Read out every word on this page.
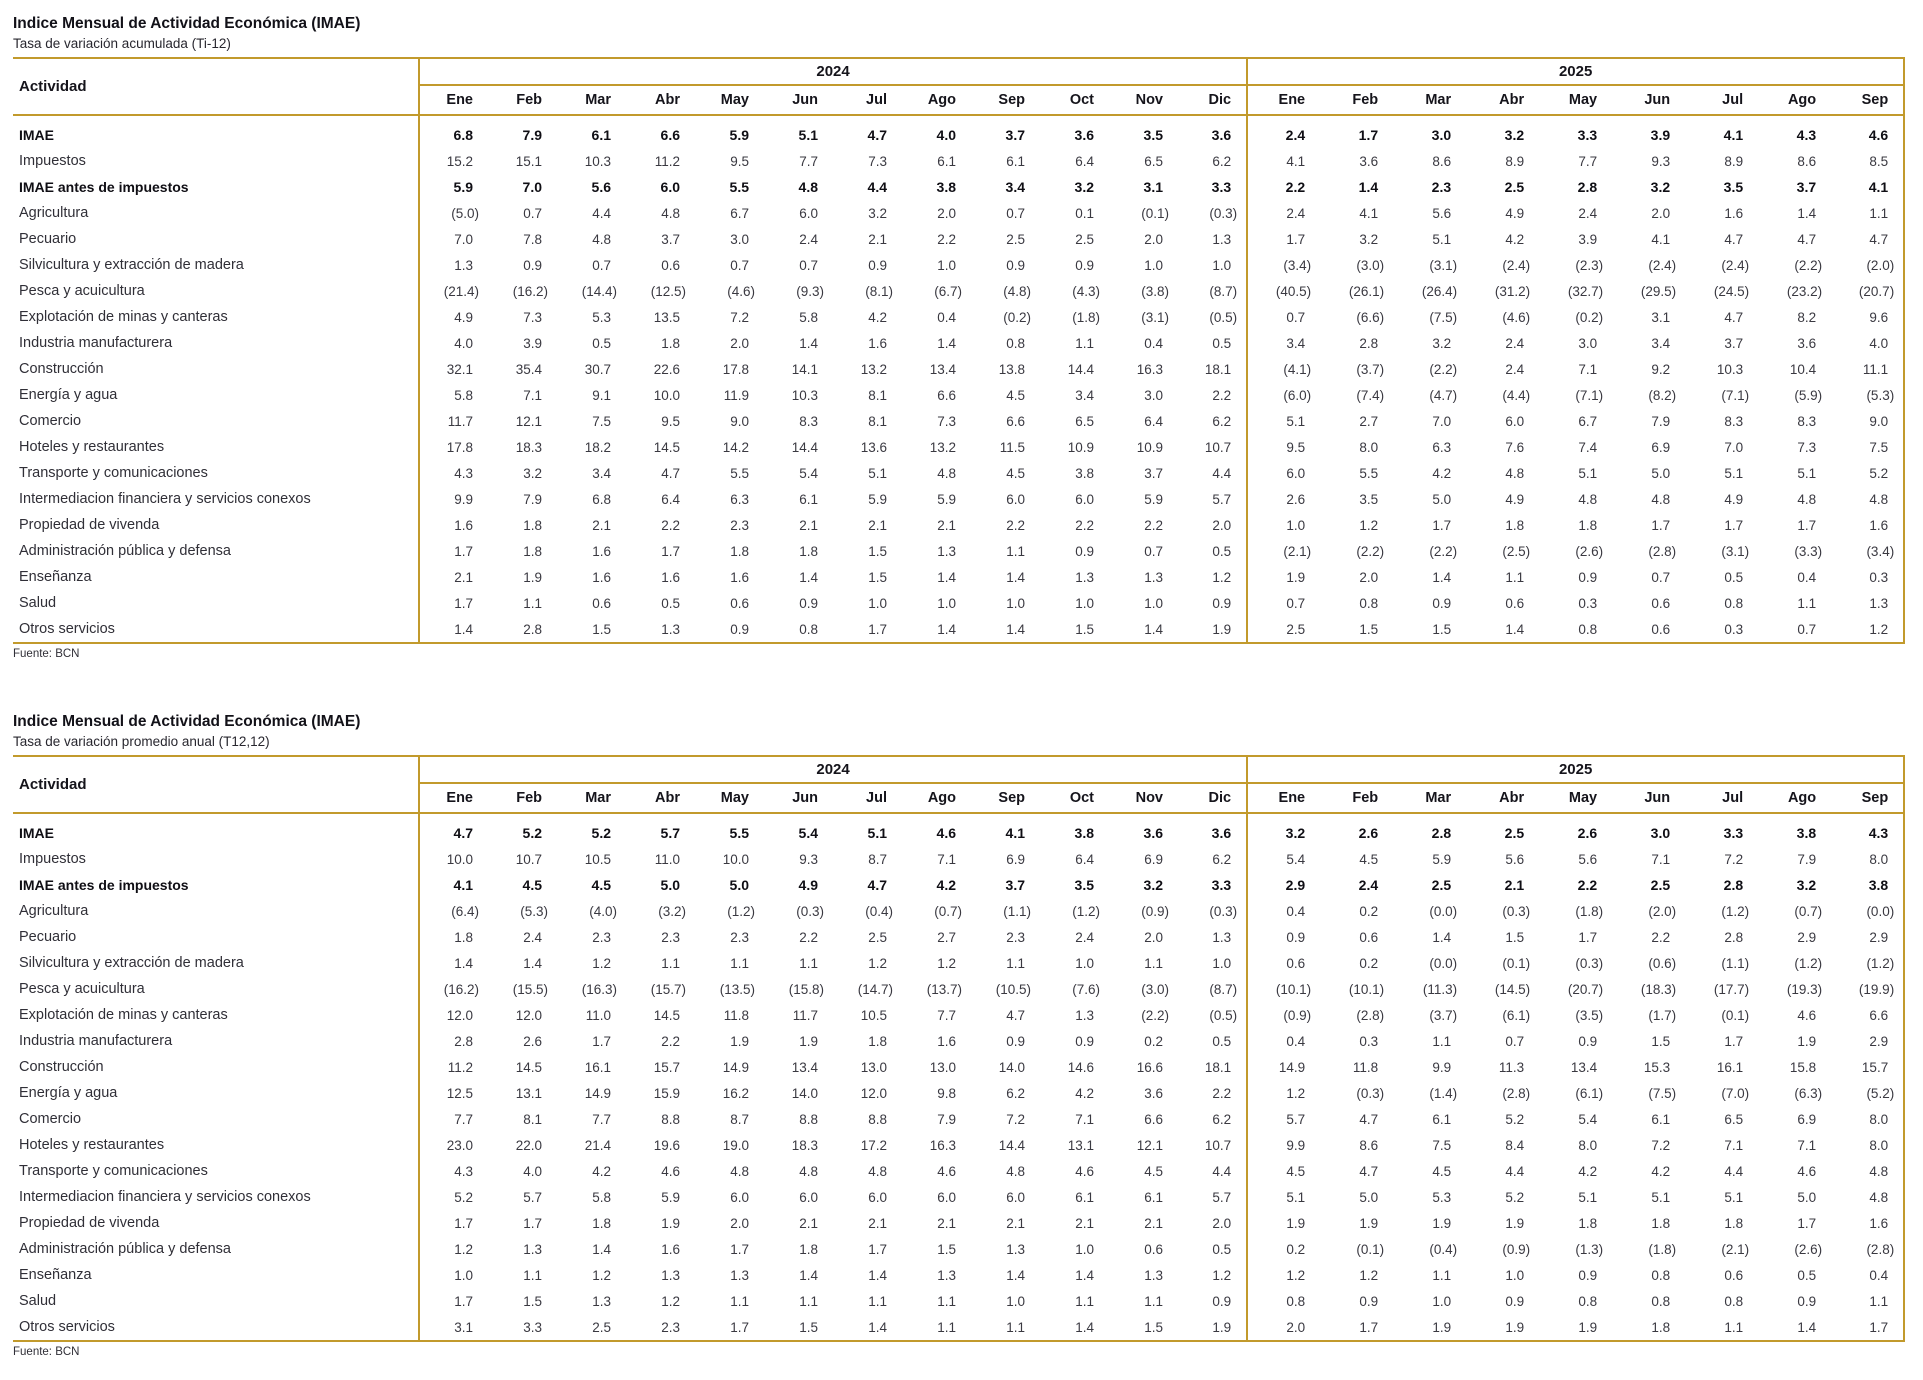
Indice Mensual de Actividad Económica (IMAE)
Tasa de variación acumulada (Ti-12)
Actividad	2024												2025								
	Ene	Feb	Mar	Abr	May	Jun	Jul	Ago	Sep	Oct	Nov	Dic	Ene	Feb	Mar	Abr	May	Jun	Jul	Ago	Sep
IMAE	6.8	7.9	6.1	6.6	5.9	5.1	4.7	4.0	3.7	3.6	3.5	3.6	2.4	1.7	3.0	3.2	3.3	3.9	4.1	4.3	4.6
Impuestos	15.2	15.1	10.3	11.2	9.5	7.7	7.3	6.1	6.1	6.4	6.5	6.2	4.1	3.6	8.6	8.9	7.7	9.3	8.9	8.6	8.5
IMAE antes de impuestos	5.9	7.0	5.6	6.0	5.5	4.8	4.4	3.8	3.4	3.2	3.1	3.3	2.2	1.4	2.3	2.5	2.8	3.2	3.5	3.7	4.1
Agricultura	(5.0)	0.7	4.4	4.8	6.7	6.0	3.2	2.0	0.7	0.1	(0.1)	(0.3)	2.4	4.1	5.6	4.9	2.4	2.0	1.6	1.4	1.1
Pecuario	7.0	7.8	4.8	3.7	3.0	2.4	2.1	2.2	2.5	2.5	2.0	1.3	1.7	3.2	5.1	4.2	3.9	4.1	4.7	4.7	4.7
Silvicultura y extracción de madera	1.3	0.9	0.7	0.6	0.7	0.7	0.9	1.0	0.9	0.9	1.0	1.0	(3.4)	(3.0)	(3.1)	(2.4)	(2.3)	(2.4)	(2.4)	(2.2)	(2.0)
Pesca y acuicultura	(21.4)	(16.2)	(14.4)	(12.5)	(4.6)	(9.3)	(8.1)	(6.7)	(4.8)	(4.3)	(3.8)	(8.7)	(40.5)	(26.1)	(26.4)	(31.2)	(32.7)	(29.5)	(24.5)	(23.2)	(20.7)
Explotación de minas y canteras	4.9	7.3	5.3	13.5	7.2	5.8	4.2	0.4	(0.2)	(1.8)	(3.1)	(0.5)	0.7	(6.6)	(7.5)	(4.6)	(0.2)	3.1	4.7	8.2	9.6
Industria manufacturera	4.0	3.9	0.5	1.8	2.0	1.4	1.6	1.4	0.8	1.1	0.4	0.5	3.4	2.8	3.2	2.4	3.0	3.4	3.7	3.6	4.0
Construcción	32.1	35.4	30.7	22.6	17.8	14.1	13.2	13.4	13.8	14.4	16.3	18.1	(4.1)	(3.7)	(2.2)	2.4	7.1	9.2	10.3	10.4	11.1
Energía y agua	5.8	7.1	9.1	10.0	11.9	10.3	8.1	6.6	4.5	3.4	3.0	2.2	(6.0)	(7.4)	(4.7)	(4.4)	(7.1)	(8.2)	(7.1)	(5.9)	(5.3)
Comercio	11.7	12.1	7.5	9.5	9.0	8.3	8.1	7.3	6.6	6.5	6.4	6.2	5.1	2.7	7.0	6.0	6.7	7.9	8.3	8.3	9.0
Hoteles y restaurantes	17.8	18.3	18.2	14.5	14.2	14.4	13.6	13.2	11.5	10.9	10.9	10.7	9.5	8.0	6.3	7.6	7.4	6.9	7.0	7.3	7.5
Transporte y comunicaciones	4.3	3.2	3.4	4.7	5.5	5.4	5.1	4.8	4.5	3.8	3.7	4.4	6.0	5.5	4.2	4.8	5.1	5.0	5.1	5.1	5.2
Intermediacion financiera y servicios conexos	9.9	7.9	6.8	6.4	6.3	6.1	5.9	5.9	6.0	6.0	5.9	5.7	2.6	3.5	5.0	4.9	4.8	4.8	4.9	4.8	4.8
Propiedad de vivenda	1.6	1.8	2.1	2.2	2.3	2.1	2.1	2.1	2.2	2.2	2.2	2.0	1.0	1.2	1.7	1.8	1.8	1.7	1.7	1.7	1.6
Administración pública y defensa	1.7	1.8	1.6	1.7	1.8	1.8	1.5	1.3	1.1	0.9	0.7	0.5	(2.1)	(2.2)	(2.2)	(2.5)	(2.6)	(2.8)	(3.1)	(3.3)	(3.4)
Enseñanza	2.1	1.9	1.6	1.6	1.6	1.4	1.5	1.4	1.4	1.3	1.3	1.2	1.9	2.0	1.4	1.1	0.9	0.7	0.5	0.4	0.3
Salud	1.7	1.1	0.6	0.5	0.6	0.9	1.0	1.0	1.0	1.0	1.0	0.9	0.7	0.8	0.9	0.6	0.3	0.6	0.8	1.1	1.3
Otros servicios	1.4	2.8	1.5	1.3	0.9	0.8	1.7	1.4	1.4	1.5	1.4	1.9	2.5	1.5	1.5	1.4	0.8	0.6	0.3	0.7	1.2
Fuente: BCN
Indice Mensual de Actividad Económica (IMAE)
Tasa de variación promedio anual (T12,12)
Actividad	2024												2025								
	Ene	Feb	Mar	Abr	May	Jun	Jul	Ago	Sep	Oct	Nov	Dic	Ene	Feb	Mar	Abr	May	Jun	Jul	Ago	Sep
IMAE	4.7	5.2	5.2	5.7	5.5	5.4	5.1	4.6	4.1	3.8	3.6	3.6	3.2	2.6	2.8	2.5	2.6	3.0	3.3	3.8	4.3
Impuestos	10.0	10.7	10.5	11.0	10.0	9.3	8.7	7.1	6.9	6.4	6.9	6.2	5.4	4.5	5.9	5.6	5.6	7.1	7.2	7.9	8.0
IMAE antes de impuestos	4.1	4.5	4.5	5.0	5.0	4.9	4.7	4.2	3.7	3.5	3.2	3.3	2.9	2.4	2.5	2.1	2.2	2.5	2.8	3.2	3.8
Agricultura	(6.4)	(5.3)	(4.0)	(3.2)	(1.2)	(0.3)	(0.4)	(0.7)	(1.1)	(1.2)	(0.9)	(0.3)	0.4	0.2	(0.0)	(0.3)	(1.8)	(2.0)	(1.2)	(0.7)	(0.0)
Pecuario	1.8	2.4	2.3	2.3	2.3	2.2	2.5	2.7	2.3	2.4	2.0	1.3	0.9	0.6	1.4	1.5	1.7	2.2	2.8	2.9	2.9
Silvicultura y extracción de madera	1.4	1.4	1.2	1.1	1.1	1.1	1.2	1.2	1.1	1.0	1.1	1.0	0.6	0.2	(0.0)	(0.1)	(0.3)	(0.6)	(1.1)	(1.2)	(1.2)
Pesca y acuicultura	(16.2)	(15.5)	(16.3)	(15.7)	(13.5)	(15.8)	(14.7)	(13.7)	(10.5)	(7.6)	(3.0)	(8.7)	(10.1)	(10.1)	(11.3)	(14.5)	(20.7)	(18.3)	(17.7)	(19.3)	(19.9)
Explotación de minas y canteras	12.0	12.0	11.0	14.5	11.8	11.7	10.5	7.7	4.7	1.3	(2.2)	(0.5)	(0.9)	(2.8)	(3.7)	(6.1)	(3.5)	(1.7)	(0.1)	4.6	6.6
Industria manufacturera	2.8	2.6	1.7	2.2	1.9	1.9	1.8	1.6	0.9	0.9	0.2	0.5	0.4	0.3	1.1	0.7	0.9	1.5	1.7	1.9	2.9
Construcción	11.2	14.5	16.1	15.7	14.9	13.4	13.0	13.0	14.0	14.6	16.6	18.1	14.9	11.8	9.9	11.3	13.4	15.3	16.1	15.8	15.7
Energía y agua	12.5	13.1	14.9	15.9	16.2	14.0	12.0	9.8	6.2	4.2	3.6	2.2	1.2	(0.3)	(1.4)	(2.8)	(6.1)	(7.5)	(7.0)	(6.3)	(5.2)
Comercio	7.7	8.1	7.7	8.8	8.7	8.8	8.8	7.9	7.2	7.1	6.6	6.2	5.7	4.7	6.1	5.2	5.4	6.1	6.5	6.9	8.0
Hoteles y restaurantes	23.0	22.0	21.4	19.6	19.0	18.3	17.2	16.3	14.4	13.1	12.1	10.7	9.9	8.6	7.5	8.4	8.0	7.2	7.1	7.1	8.0
Transporte y comunicaciones	4.3	4.0	4.2	4.6	4.8	4.8	4.8	4.6	4.8	4.6	4.5	4.4	4.5	4.7	4.5	4.4	4.2	4.2	4.4	4.6	4.8
Intermediacion financiera y servicios conexos	5.2	5.7	5.8	5.9	6.0	6.0	6.0	6.0	6.0	6.1	6.1	5.7	5.1	5.0	5.3	5.2	5.1	5.1	5.1	5.0	4.8
Propiedad de vivenda	1.7	1.7	1.8	1.9	2.0	2.1	2.1	2.1	2.1	2.1	2.1	2.0	1.9	1.9	1.9	1.9	1.8	1.8	1.8	1.7	1.6
Administración pública y defensa	1.2	1.3	1.4	1.6	1.7	1.8	1.7	1.5	1.3	1.0	0.6	0.5	0.2	(0.1)	(0.4)	(0.9)	(1.3)	(1.8)	(2.1)	(2.6)	(2.8)
Enseñanza	1.0	1.1	1.2	1.3	1.3	1.4	1.4	1.3	1.4	1.4	1.3	1.2	1.2	1.2	1.1	1.0	0.9	0.8	0.6	0.5	0.4
Salud	1.7	1.5	1.3	1.2	1.1	1.1	1.1	1.1	1.0	1.1	1.1	0.9	0.8	0.9	1.0	0.9	0.8	0.8	0.8	0.9	1.1
Otros servicios	3.1	3.3	2.5	2.3	1.7	1.5	1.4	1.1	1.1	1.4	1.5	1.9	2.0	1.7	1.9	1.9	1.9	1.8	1.1	1.4	1.7
Fuente: BCN
